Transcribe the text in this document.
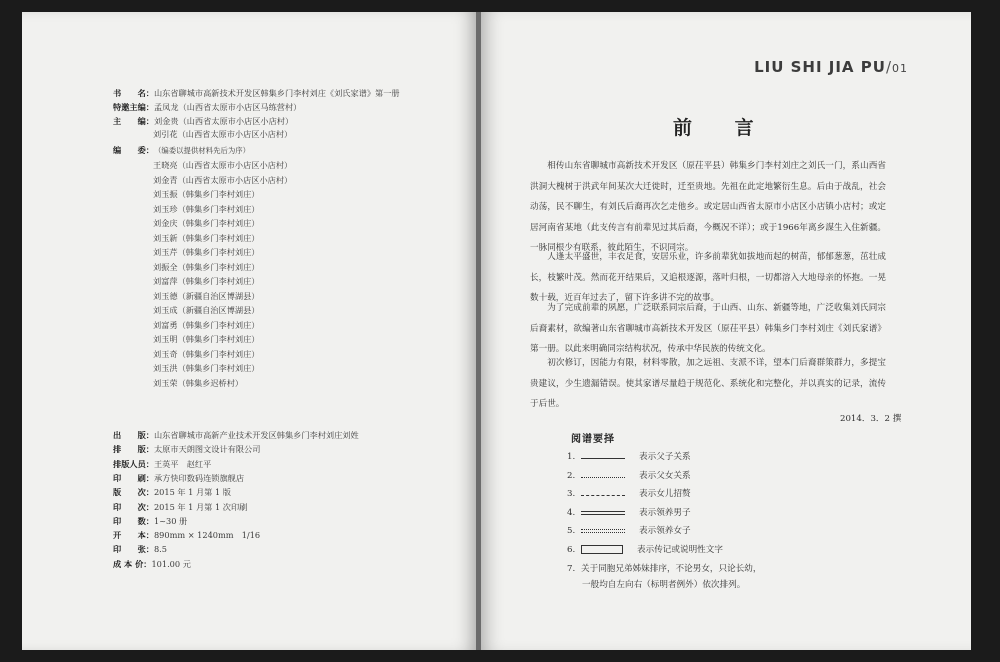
书　　名：山东省聊城市高新技术开发区韩集乡门李村刘庄《刘氏家谱》第一册
特邀主编：孟凤龙（山西省太原市小店区马练营村）
主　　编：刘金贵（山西省太原市小店区小店村）
刘引花（山西省太原市小店区小店村）
编　　委：（编委以提供材料先后为序）
王晓亮（山西省太原市小店区小店村）
刘金青（山西省太原市小店区小店村）
刘玉振（韩集乡门李村刘庄）
刘玉珍（韩集乡门李村刘庄）
刘金庆（韩集乡门李村刘庄）
刘玉新（韩集乡门李村刘庄）
刘玉芹（韩集乡门李村刘庄）
刘振全（韩集乡门李村刘庄）
刘富萍（韩集乡门李村刘庄）
刘玉德（新疆自治区博湖县）
刘玉成（新疆自治区博湖县）
刘富勇（韩集乡门李村刘庄）
刘玉明（韩集乡门李村刘庄）
刘玉奇（韩集乡门李村刘庄）
刘玉洪（韩集乡门李村刘庄）
刘玉荣（韩集乡迟桥村）
出　　版：山东省聊城市高新产业技术开发区韩集乡门李村刘庄刘姓
排　　版：太原市天朗图文设计有限公司
排版人员：王英平　赵红平
印　　刷：承方快印数码连锁旗舰店
版　　次：2015 年 1 月第 1 版
印　　次：2015 年 1 月第 1 次印刷
印　　数：1~30 册
开　　本：890mm × 1240mm　1/16
印　　张：8.5
成 本 价：101.00 元
LIU SHI JIA PU/01
前 言
相传山东省聊城市高新技术开发区（原茌平县）韩集乡门李村刘庄之刘氏一门，系山西省洪洞大槐树于洪武年间某次大迁徙时，迁至贵地。先祖在此定地繁衍生息。后由于战乱，社会动荡，民不聊生，有刘氏后裔再次乞走他乡。或定居山西省太原市小店区小店镇小店村；或定居河南省某地（此支传言有前辈见过其后裔，今概况不详）；或于1966年离乡謀生入住新疆。一脉同根少有联系，彼此陌生，不识同宗。
人逢太平盛世，丰衣足食，安居乐业，许多前辈犹如拔地而起的树苗，郁郁葱葱，茁壮成长，枝繁叶茂。然而花开结果后，又追根逐源，落叶归根，一切都溶入大地母亲的怀抱。一晃数十载，近百年过去了，留下许多讲不完的故事。
为了完成前辈的夙愿，广泛联系同宗后裔，于山西、山东、新疆等地，广泛收集刘氏同宗后裔素材，欲编著山东省聊城市高新技术开发区（原茌平县）韩集乡门李村刘庄《刘氏家谱》第一册。以此来明确同宗结构状况，传承中华民族的传统文化。
初次修订，因能力有限，材料零散，加之远祖、支派不详，望本门后裔群策群力，多提宝贵建议，少生遗漏错误。使其家谱尽量趋于规范化、系统化和完整化，并以真实的记录，流传于后世。
2014．3．2 撰
阅谱要择
1.	表示父子关系
2.	表示父女关系
3.	表示女儿招赘
4.	表示领养男子
5.	表示领养女子
6.	表示传记或说明性文字
7. 关于同胞兄弟姊妹排序，不论男女，只论长幼，
一般均自左向右（标明者例外）依次排列。
